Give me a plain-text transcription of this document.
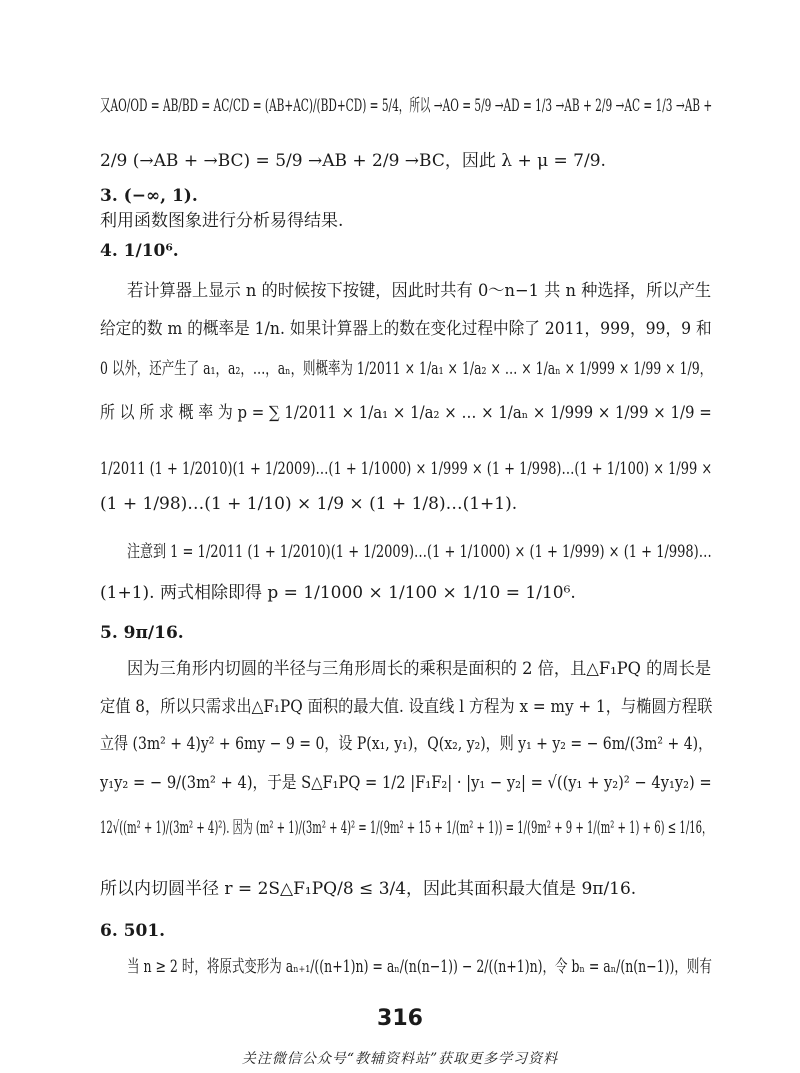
又AO/OD = AB/BD = AC/CD = (AB+AC)/(BD+CD) = 5/4，所以 →AO = 5/9 →AD = 1/3 →AB + 2/9 →AC = 1/3 →AB +
2/9 (→AB + →BC) = 5/9 →AB + 2/9 →BC，因此 λ + μ = 7/9.
3. (−∞, 1).
利用函数图象进行分析易得结果.
4. 1/10⁶.
若计算器上显示 n 的时候按下按键，因此时共有 0～n−1 共 n 种选择，所以产生
给定的数 m 的概率是 1/n. 如果计算器上的数在变化过程中除了 2011，999，99，9 和
0 以外，还产生了 a₁，a₂，…，aₙ，则概率为 1/2011 × 1/a₁ × 1/a₂ × … × 1/aₙ × 1/999 × 1/99 × 1/9，
所 以 所 求 概 率 为 p = ∑ 1/2011 × 1/a₁ × 1/a₂ × … × 1/aₙ × 1/999 × 1/99 × 1/9 =
1/2011 (1 + 1/2010)(1 + 1/2009)…(1 + 1/1000) × 1/999 × (1 + 1/998)…(1 + 1/100) × 1/99 ×
(1 + 1/98)…(1 + 1/10) × 1/9 × (1 + 1/8)…(1+1).
注意到 1 = 1/2011 (1 + 1/2010)(1 + 1/2009)…(1 + 1/1000) × (1 + 1/999) × (1 + 1/998)…
(1+1). 两式相除即得 p = 1/1000 × 1/100 × 1/10 = 1/10⁶.
5. 9π/16.
因为三角形内切圆的半径与三角形周长的乘积是面积的 2 倍，且△F₁PQ 的周长是
定值 8，所以只需求出△F₁PQ 面积的最大值. 设直线 l 方程为 x = my + 1，与椭圆方程联
立得 (3m² + 4)y² + 6my − 9 = 0，设 P(x₁, y₁)，Q(x₂, y₂)，则 y₁ + y₂ = − 6m/(3m² + 4)，
y₁y₂ = − 9/(3m² + 4)，于是 S△F₁PQ = 1/2 |F₁F₂| · |y₁ − y₂| = √((y₁ + y₂)² − 4y₁y₂) =
12√((m² + 1)/(3m² + 4)²). 因为 (m² + 1)/(3m² + 4)² = 1/(9m² + 15 + 1/(m² + 1)) = 1/(9m² + 9 + 1/(m² + 1) + 6) ≤ 1/16，
所以内切圆半径 r = 2S△F₁PQ/8 ≤ 3/4，因此其面积最大值是 9π/16.
6. 501.
当 n ≥ 2 时，将原式变形为 aₙ₊₁/((n+1)n) = aₙ/(n(n−1)) − 2/((n+1)n)，令 bₙ = aₙ/(n(n−1))，则有
316
关注微信公众号“教辅资料站”获取更多学习资料
